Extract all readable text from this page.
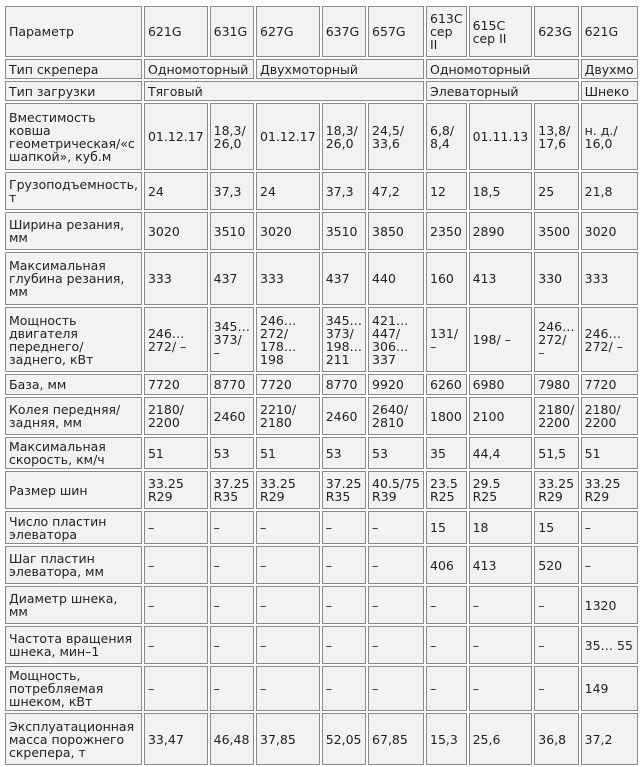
Параметр	621G	631G	627G	637G	657G	613C сер II	615C сер II	623G	621G
Тип скрепера	Одномоторный		Двухмоторный			Одномоторный			Двухмо
Тип загрузки	Тяговый					Элеваторный			Шнеко
Вместимость ковша геометрическая/«с шапкой», куб.м	01.12.17	18,3/ 26,0	01.12.17	18,3/ 26,0	24,5/ 33,6	6,8/ 8,4	01.11.13	13,8/ 17,6	н. д./ 16,0
Грузоподъемность, т	24	37,3	24	37,3	47,2	12	18,5	25	21,8
Ширина резания, мм	3020	3510	3020	3510	3850	2350	2890	3500	3020
Максимальная глубина резания, мм	333	437	333	437	440	160	413	330	333
Мощность двигателя переднего/ заднего, кВт	246… 272/ –	345… 373/ –	246… 272/ 178… 198	345… 373/ 198… 211	421… 447/ 306… 337	131/ –	198/ –	246… 272/ –	246… 272/ –
База, мм	7720	8770	7720	8770	9920	6260	6980	7980	7720
Колея передняя/ задняя, мм	2180/ 2200	2460	2210/ 2180	2460	2640/ 2810	1800	2100	2180/ 2200	2180/ 2200
Максимальная скорость, км/ч	51	53	51	53	53	35	44,4	51,5	51
Размер шин	33.25 R29	37.25 R35	33.25 R29	37.25 R35	40.5/75 R39	23.5 R25	29.5 R25	33.25 R29	33.25 R29
Число пластин элеватора	–	–	–	–	–	15	18	15	–
Шаг пластин элеватора, мм	–	–	–	–	–	406	413	520	–
Диаметр шнека, мм	–	–	–	–	–	–	–	–	1320
Частота вращения шнека, мин–1	–	–	–	–	–	–	–	–	35… 55
Мощность, потребляемая шнеком, кВт	–	–	–	–	–	–	–	–	149
Эксплуатационная масса порожнего скрепера, т	33,47	46,48	37,85	52,05	67,85	15,3	25,6	36,8	37,2
